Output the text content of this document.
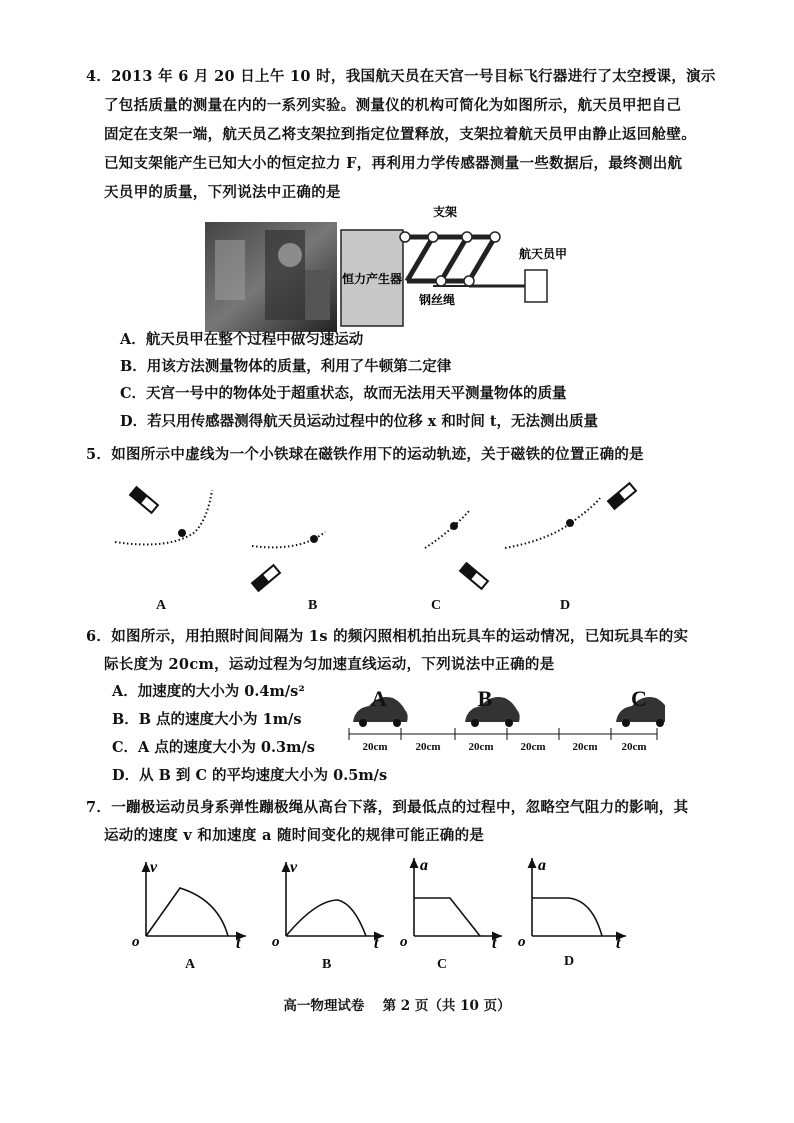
4．2013 年 6 月 20 日上午 10 时，我国航天员在天宫一号目标飞行器进行了太空授课，演示
了包括质量的测量在内的一系列实验。测量仪的机构可简化为如图所示，航天员甲把自己
固定在支架一端，航天员乙将支架拉到指定位置释放，支架拉着航天员甲由静止返回舱壁。
已知支架能产生已知大小的恒定拉力 F，再利用力学传感器测量一些数据后，最终测出航
天员甲的质量，下列说法中正确的是
恒力产生器
支架
钢丝绳
航天员甲
A．航天员甲在整个过程中做匀速运动
B．用该方法测量物体的质量，利用了牛顿第二定律
C．天宫一号中的物体处于超重状态，故而无法用天平测量物体的质量
D．若只用传感器测得航天员运动过程中的位移 x 和时间 t，无法测出质量
5．如图所示中虚线为一个小铁球在磁铁作用下的运动轨迹，关于磁铁的位置正确的是
A	B	C	D
6．如图所示，用拍照时间间隔为 1s 的频闪照相机拍出玩具车的运动情况，已知玩具车的实
际长度为 20cm，运动过程为匀加速直线运动，下列说法中正确的是
A．加速度的大小为 0.4m/s²
B．B 点的速度大小为 1m/s
C．A 点的速度大小为 0.3m/s
D．从 B 到 C 的平均速度大小为 0.5m/s
A	B	C
20cm	20cm	20cm 20cm 20cm 20cm
7．一蹦极运动员身系弹性蹦极绳从高台下落，到最低点的过程中，忽略空气阻力的影响，其
运动的速度 v 和加速度 a 随时间变化的规律可能正确的是
v
t
o
v
t
o
a
t
o
a
t
o
A	B	C	D
高一物理试卷　 第 2 页（共 10 页）
